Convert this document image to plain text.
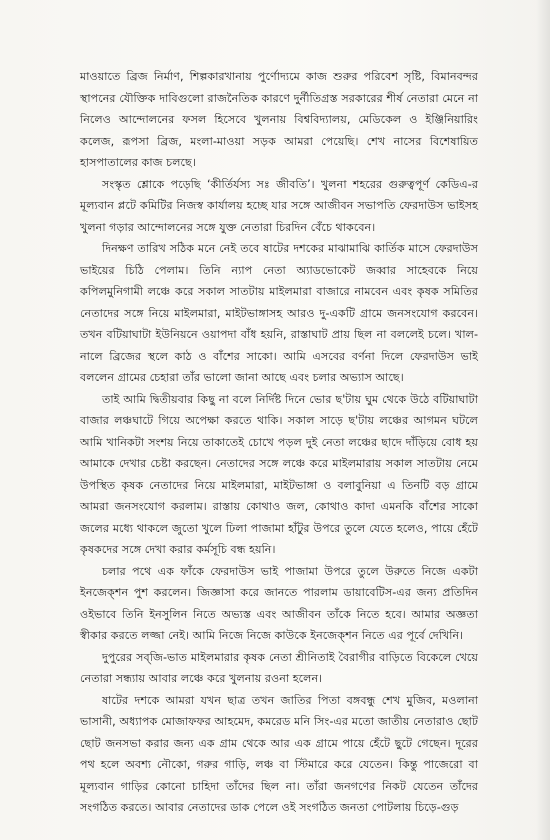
মাওয়াতে ব্রিজ নির্মাণ, শিল্পকারখানায় পুর্ণোদ্যমে কাজ শুরুর পরিবেশ সৃষ্টি, বিমানবন্দর স্থাপনের যৌক্তিক দাবিগুলো রাজনৈতিক কারণে দুর্নীতিগ্রস্ত সরকারের শীর্ষ নেতারা মেনে না নিলেও আন্দোলনের ফসল হিসেবে খুলনায় বিশ্ববিদ্যালয়, মেডিকেল ও ইঞ্জিনিয়ারিং কলেজ, রূপসা ব্রিজ, মংলা-মাওয়া সড়ক আমরা পেয়েছি। শেখ নাসের বিশেষায়িত হাসপাতালের কাজ চলছে।

সংস্কৃত শ্লোকে পড়েছি ‘কীর্তির্যস্য সঃ জীবতি’। খুলনা শহরের গুরুত্বপূর্ণ কেডিএ-র মূল্যবান প্লটে কমিটির নিজস্ব কার্যালয় হচ্ছে যার সঙ্গে আজীবন সভাপতি ফেরদাউস ভাইসহ খুলনা গড়ার আন্দোলনের সঙ্গে যুক্ত নেতারা চিরদিন বেঁচে থাকবেন।

দিনক্ষণ তারিখ সঠিক মনে নেই তবে ষাটের দশকের মাঝামাঝি কার্তিক মাসে ফেরদাউস ভাইয়ের চিঠি পেলাম। তিনি ন্যাপ নেতা অ্যাডভোকেট জব্বার সাহেবকে নিয়ে কপিলমুনিগামী লঞ্চে করে সকাল সাতটায় মাইলমারা বাজারে নামবেন এবং কৃষক সমিতির নেতাদের সঙ্গে নিয়ে মাইলমারা, মাইটভাঙ্গাসহ আরও দু-একটি গ্রামে জনসংযোগ করবেন। তখন বটিয়াঘাটা ইউনিয়নে ওয়াপদা বাঁধ হয়নি, রাস্তাঘাট প্রায় ছিল না বললেই চলে। খাল-নালে ব্রিজের স্থলে কাঠ ও বাঁশের সাকো। আমি এসবের বর্ণনা দিলে ফেরদাউস ভাই বললেন গ্রামের চেহারা তাঁর ভালো জানা আছে এবং চলার অভ্যাস আছে।

তাই আমি দ্বিতীয়বার কিছু না বলে নির্দিষ্ট দিনে ভোর ছ'টায় ঘুম থেকে উঠে বটিয়াঘাটা বাজার লঞ্চঘাটে গিয়ে অপেক্ষা করতে থাকি। সকাল সাড়ে ছ'টায় লঞ্চের আগমন ঘটলে আমি খানিকটা সংশয় নিয়ে তাকাতেই চোখে পড়ল দুই নেতা লঞ্চের ছাদে দাঁড়িয়ে বোধ হয় আমাকে দেখার চেষ্টা করছেন। নেতাদের সঙ্গে লঞ্চে করে মাইলমারায় সকাল সাতটায় নেমে উপস্থিত কৃষক নেতাদের নিয়ে মাইলমারা, মাইটভাঙ্গা ও বলাবুনিয়া এ তিনটি বড় গ্রামে আমরা জনসংযোগ করলাম। রাস্তায় কোথাও জল, কোথাও কাদা এমনকি বাঁশের সাকো জলের মধ্যে থাকলে জুতো খুলে ঢিলা পাজামা হাঁটুর উপরে তুলে যেতে হলেও, পায়ে হেঁটে কৃষকদের সঙ্গে দেখা করার কর্মসূচি বন্ধ হয়নি।

চলার পথে এক ফাঁকে ফেরদাউস ভাই পাজামা উপরে তুলে উরুতে নিজে একটা ইনজেক্‌শন পুশ করলেন। জিজ্ঞাসা করে জানতে পারলাম ডায়াবেটিস-এর জন্য প্রতিদিন ওইভাবে তিনি ইনসুলিন নিতে অভ্যস্ত এবং আজীবন তাঁকে নিতে হবে। আমার অজ্ঞতা স্বীকার করতে লজ্জা নেই। আমি নিজে নিজে কাউকে ইনজেক্‌শন নিতে এর পূর্বে দেখিনি।

দুপুরের সব্‌জি-ভাত মাইলমারার কৃষক নেতা শ্রীনিতাই বৈরাগীর বাড়িতে বিকেলে খেয়ে নেতারা সন্ধ্যায় আবার লঞ্চে করে খুলনায় রওনা হলেন।

ষাটের দশকে আমরা যখন ছাত্র তখন জাতির পিতা বঙ্গবন্ধু শেখ মুজিব, মওলানা ভাসানী, অধ্যাপক মোজাফফর আহমেদ, কমরেড মনি সিং-এর মতো জাতীয় নেতারাও ছোট ছোট জনসভা করার জন্য এক গ্রাম থেকে আর এক গ্রামে পায়ে হেঁটে ছুটে গেছেন। দূরের পথ হলে অবশ্য নৌকো, গরুর গাড়ি, লঞ্চ বা স্টিমারে করে যেতেন। কিন্তু পাজেরো বা মূল্যবান গাড়ির কোনো চাহিদা তাঁদের ছিল না। তাঁরা জনগণের নিকট যেতেন তাঁদের সংগঠিত করতে। আবার নেতাদের ডাক পেলে ওই সংগঠিত জনতা পোটলায় চিড়ে-গুড়
